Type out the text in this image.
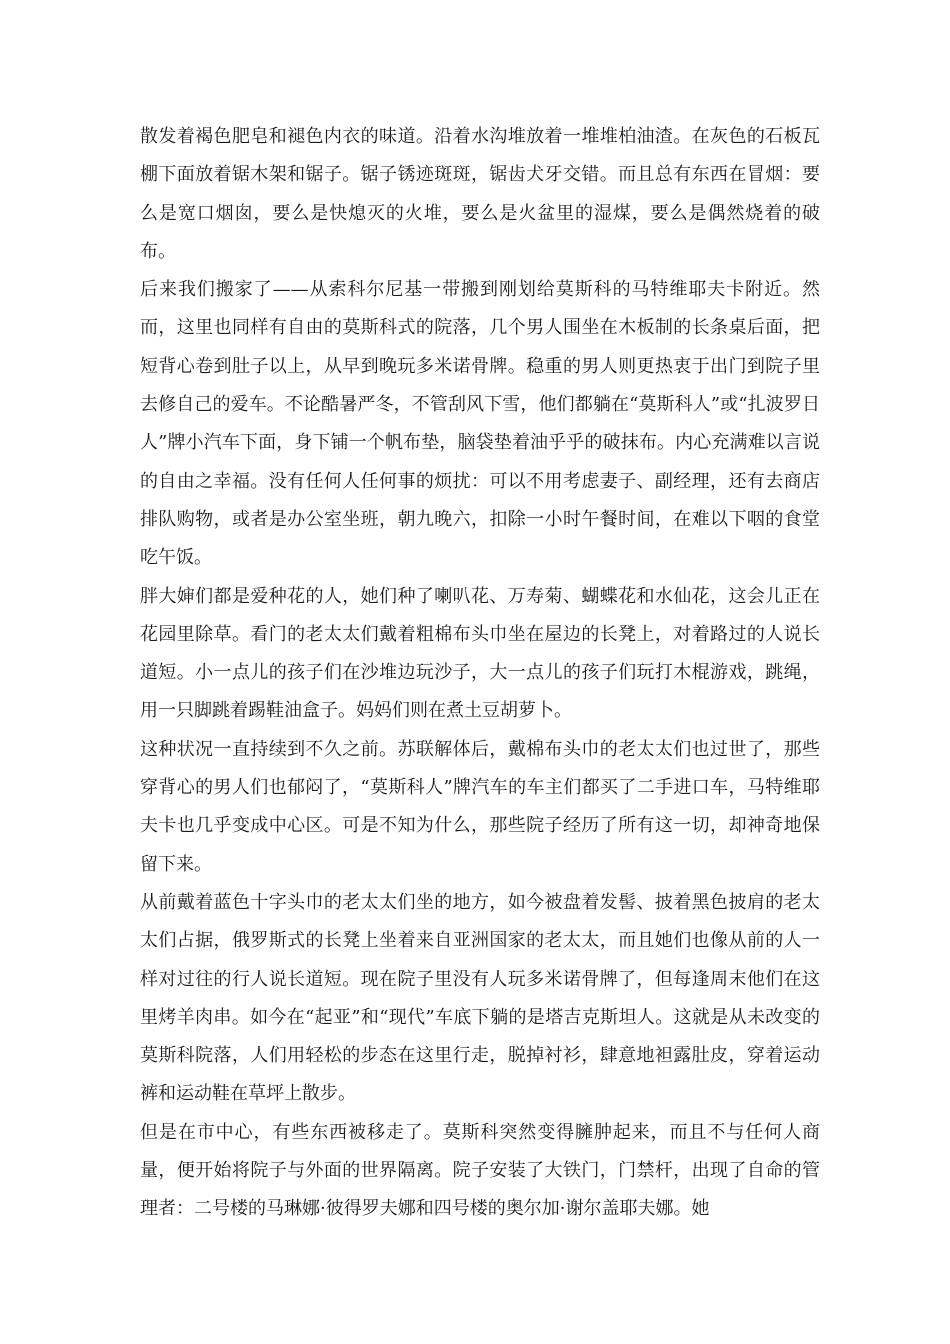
散发着褐色肥皂和褪色内衣的味道。沿着水沟堆放着一堆堆柏油渣。在灰色的石板瓦棚下面放着锯木架和锯子。锯子锈迹斑斑，锯齿犬牙交错。而且总有东西在冒烟：要么是宽口烟囱，要么是快熄灭的火堆，要么是火盆里的湿煤，要么是偶然烧着的破布。

后来我们搬家了——从索科尔尼基一带搬到刚划给莫斯科的马特维耶夫卡附近。然而，这里也同样有自由的莫斯科式的院落，几个男人围坐在木板制的长条桌后面，把短背心卷到肚子以上，从早到晚玩多米诺骨牌。稳重的男人则更热衷于出门到院子里去修自己的爱车。不论酷暑严冬，不管刮风下雪，他们都躺在“莫斯科人”或“扎波罗日人”牌小汽车下面，身下铺一个帆布垫，脑袋垫着油乎乎的破抹布。内心充满难以言说的自由之幸福。没有任何人任何事的烦扰：可以不用考虑妻子、副经理，还有去商店排队购物，或者是办公室坐班，朝九晚六，扣除一小时午餐时间，在难以下咽的食堂吃午饭。

胖大婶们都是爱种花的人，她们种了喇叭花、万寿菊、蝴蝶花和水仙花，这会儿正在花园里除草。看门的老太太们戴着粗棉布头巾坐在屋边的长凳上，对着路过的人说长道短。小一点儿的孩子们在沙堆边玩沙子，大一点儿的孩子们玩打木棍游戏，跳绳，用一只脚跳着踢鞋油盒子。妈妈们则在煮土豆胡萝卜。

这种状况一直持续到不久之前。苏联解体后，戴棉布头巾的老太太们也过世了，那些穿背心的男人们也郁闷了，“莫斯科人”牌汽车的车主们都买了二手进口车，马特维耶夫卡也几乎变成中心区。可是不知为什么，那些院子经历了所有这一切，却神奇地保留下来。

从前戴着蓝色十字头巾的老太太们坐的地方，如今被盘着发髻、披着黑色披肩的老太太们占据，俄罗斯式的长凳上坐着来自亚洲国家的老太太，而且她们也像从前的人一样对过往的行人说长道短。现在院子里没有人玩多米诺骨牌了，但每逢周末他们在这里烤羊肉串。如今在“起亚”和“现代”车底下躺的是塔吉克斯坦人。这就是从未改变的莫斯科院落，人们用轻松的步态在这里行走，脱掉衬衫，肆意地袒露肚皮，穿着运动裤和运动鞋在草坪上散步。

但是在市中心，有些东西被移走了。莫斯科突然变得臃肿起来，而且不与任何人商量，便开始将院子与外面的世界隔离。院子安装了大铁门，门禁杆，出现了自命的管理者：二号楼的马琳娜·彼得罗夫娜和四号楼的奥尔加·谢尔盖耶夫娜。她
